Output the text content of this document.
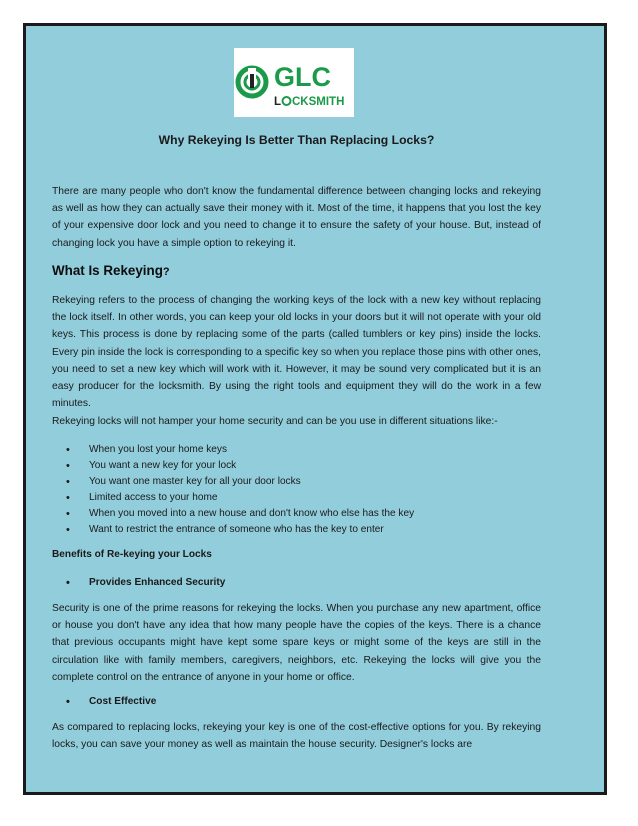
GLC
L CKSMITH
Why Rekeying Is Better Than Replacing Locks?

There are many people who don't know the fundamental difference between changing locks and rekeying as well as how they can actually save their money with it. Most of the time, it happens that you lost the key of your expensive door lock and you need to change it to ensure the safety of your house. But, instead of changing lock you have a simple option to rekeying it.

What Is Rekeying?

Rekeying refers to the process of changing the working keys of the lock with a new key without replacing the lock itself. In other words, you can keep your old locks in your doors but it will not operate with your old keys. This process is done by replacing some of the parts (called tumblers or key pins) inside the locks. Every pin inside the lock is corresponding to a specific key so when you replace those pins with other ones, you need to set a new key which will work with it. However, it may be sound very complicated but it is an easy producer for the locksmith. By using the right tools and equipment they will do the work in a few minutes.

Rekeying locks will not hamper your home security and can be you use in different situations like:-

• When you lost your home keys
• You want a new key for your lock
• You want one master key for all your door locks
• Limited access to your home
• When you moved into a new house and don't know who else has the key
• Want to restrict the entrance of someone who has the key to enter

Benefits of Re-keying your Locks

• Provides Enhanced Security

Security is one of the prime reasons for rekeying the locks. When you purchase any new apartment, office or house you don't have any idea that how many people have the copies of the keys. There is a chance that previous occupants might have kept some spare keys or might some of the keys are still in the circulation like with family members, caregivers, neighbors, etc. Rekeying the locks will give you the complete control on the entrance of anyone in your home or office.

• Cost Effective

As compared to replacing locks, rekeying your key is one of the cost-effective options for you. By rekeying locks, you can save your money as well as maintain the house security. Designer's locks are
